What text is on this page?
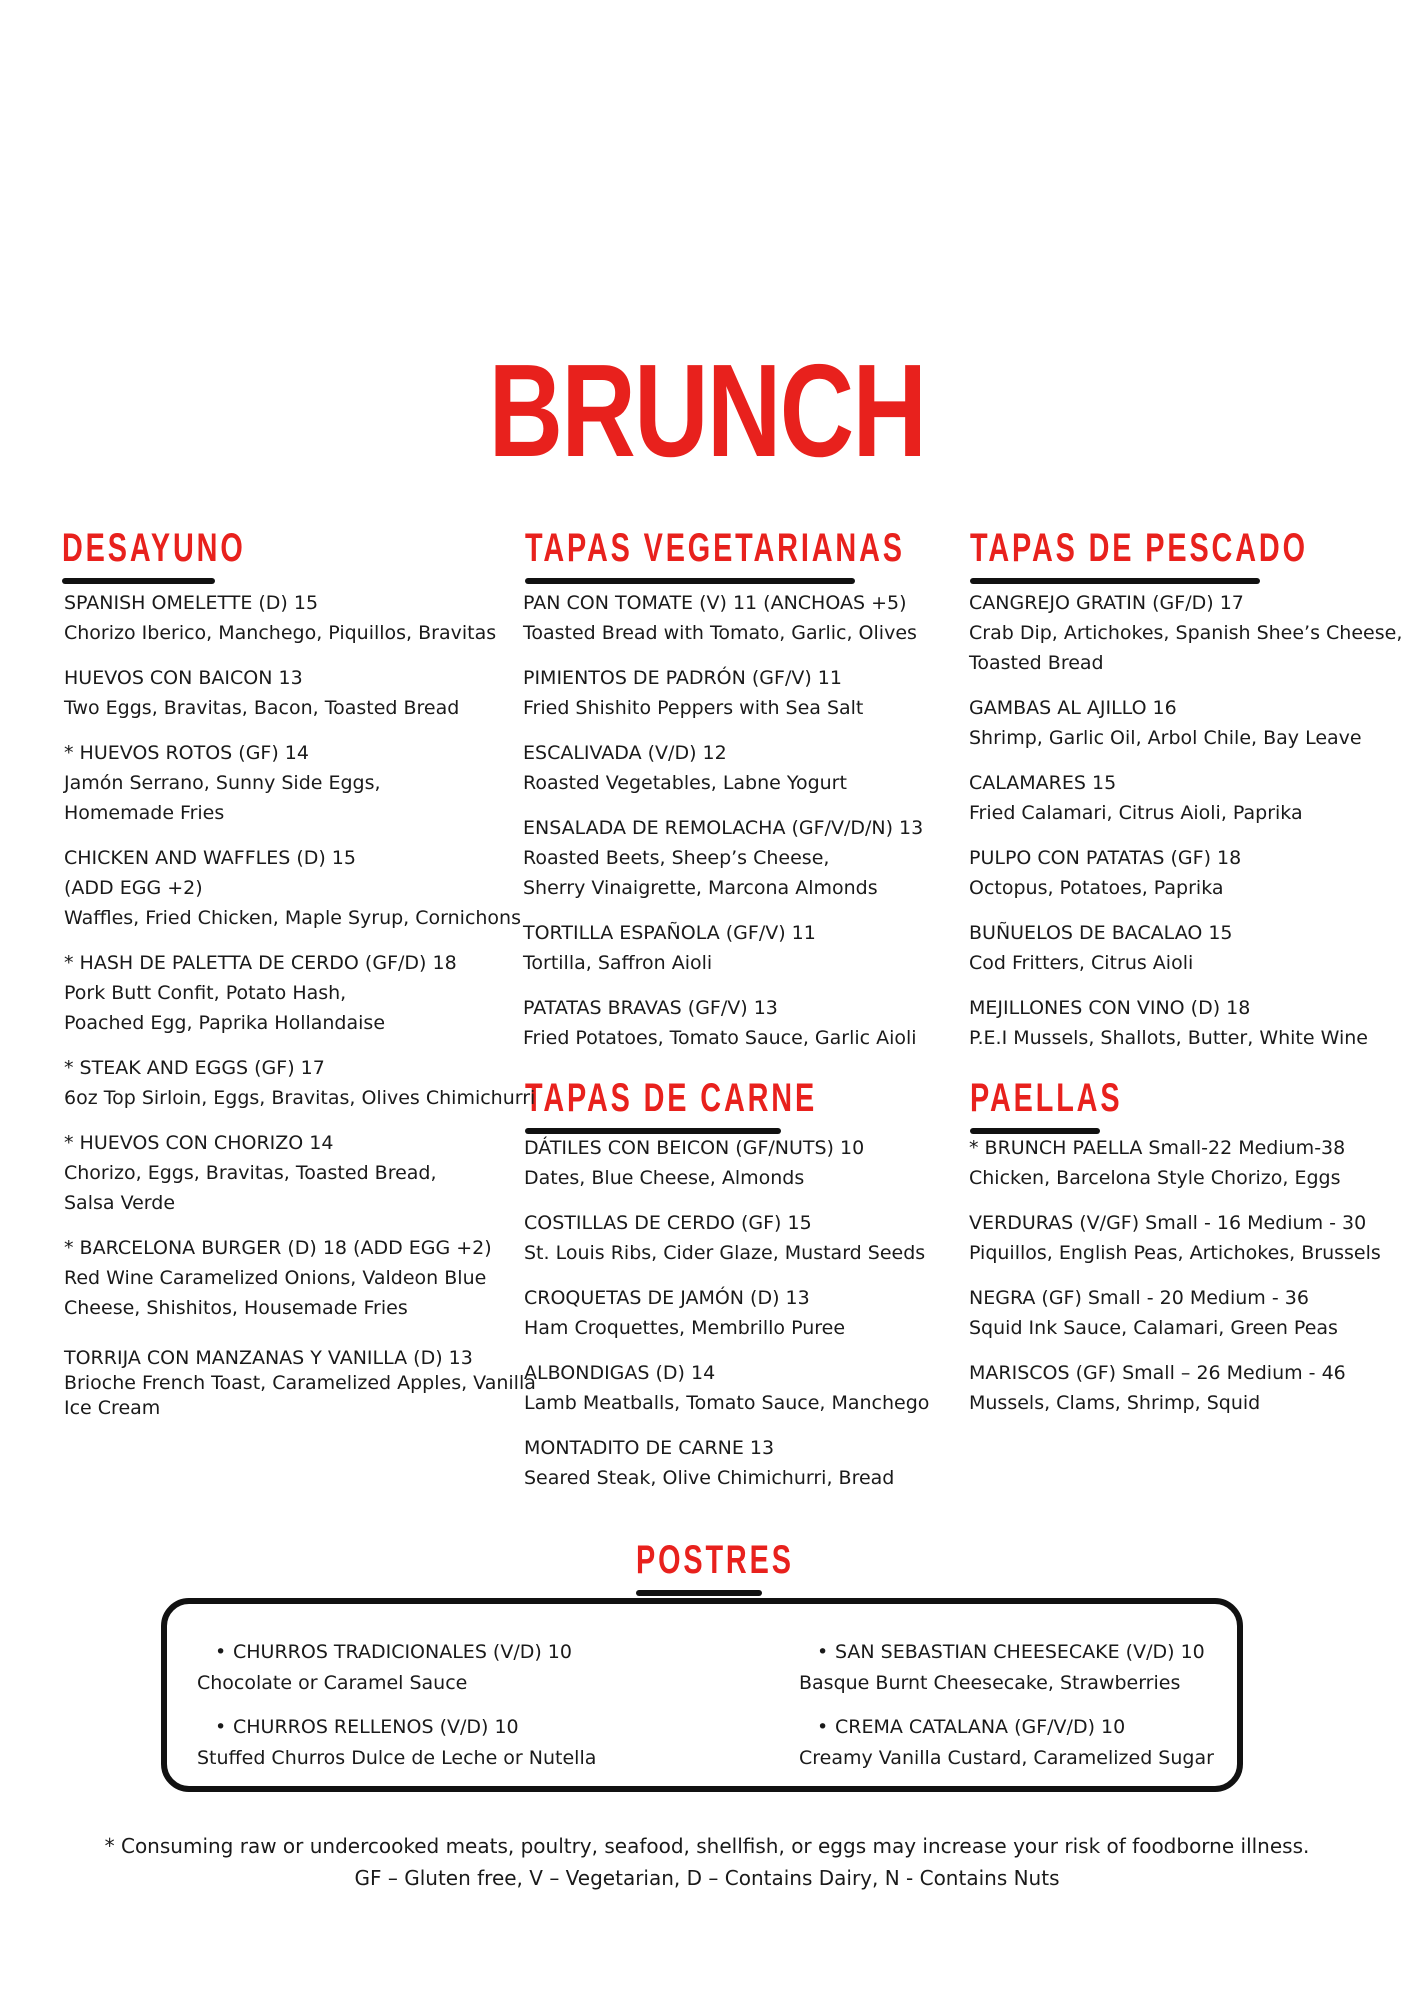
BRUNCH
DESAYUNO	TAPAS VEGETARIANAS TAPAS DE PESCADO
TAPAS DE CARNE	PAELLAS
POSTRES
SPANISH OMELETTE (D) 15
Chorizo Iberico, Manchego, Piquillos, Bravitas
HUEVOS CON BAICON 13
Two Eggs, Bravitas, Bacon, Toasted Bread
* HUEVOS ROTOS (GF) 14
Jamón Serrano, Sunny Side Eggs,
Homemade Fries
CHICKEN AND WAFFLES (D) 15
(ADD EGG +2)
Waffles, Fried Chicken, Maple Syrup, Cornichons
* HASH DE PALETTA DE CERDO (GF/D) 18
Pork Butt Confit, Potato Hash,
Poached Egg, Paprika Hollandaise
* STEAK AND EGGS (GF) 17
6oz Top Sirloin, Eggs, Bravitas, Olives Chimichurri
* HUEVOS CON CHORIZO 14
Chorizo, Eggs, Bravitas, Toasted Bread,
Salsa Verde
* BARCELONA BURGER (D) 18 (ADD EGG +2)
Red Wine Caramelized Onions, Valdeon Blue
Cheese, Shishitos, Housemade Fries
TORRIJA CON MANZANAS Y VANILLA (D) 13
Brioche French Toast, Caramelized Apples, Vanilla
Ice Cream
PAN CON TOMATE (V) 11 (ANCHOAS +5)
Toasted Bread with Tomato, Garlic, Olives
PIMIENTOS DE PADRÓN (GF/V) 11
Fried Shishito Peppers with Sea Salt
ESCALIVADA (V/D) 12
Roasted Vegetables, Labne Yogurt
ENSALADA DE REMOLACHA (GF/V/D/N) 13
Roasted Beets, Sheep’s Cheese,
Sherry Vinaigrette, Marcona Almonds
TORTILLA ESPAÑOLA (GF/V) 11
Tortilla, Saffron Aioli
PATATAS BRAVAS (GF/V) 13
Fried Potatoes, Tomato Sauce, Garlic Aioli
DÁTILES CON BEICON (GF/NUTS) 10
Dates, Blue Cheese, Almonds
COSTILLAS DE CERDO (GF) 15
St. Louis Ribs, Cider Glaze, Mustard Seeds
CROQUETAS DE JAMÓN (D) 13
Ham Croquettes, Membrillo Puree
ALBONDIGAS (D) 14
Lamb Meatballs, Tomato Sauce, Manchego
MONTADITO DE CARNE 13
Seared Steak, Olive Chimichurri, Bread
CANGREJO GRATIN (GF/D) 17
Crab Dip, Artichokes, Spanish Shee’s Cheese,
Toasted Bread
GAMBAS AL AJILLO 16
Shrimp, Garlic Oil, Arbol Chile, Bay Leave
CALAMARES 15
Fried Calamari, Citrus Aioli, Paprika
PULPO CON PATATAS (GF) 18
Octopus, Potatoes, Paprika
BUÑUELOS DE BACALAO 15
Cod Fritters, Citrus Aioli
MEJILLONES CON VINO (D) 18
P.E.I Mussels, Shallots, Butter, White Wine
* BRUNCH PAELLA Small-22 Medium-38
Chicken, Barcelona Style Chorizo, Eggs
VERDURAS (V/GF) Small - 16 Medium - 30
Piquillos, English Peas, Artichokes, Brussels
NEGRA (GF) Small - 20 Medium - 36
Squid Ink Sauce, Calamari, Green Peas
MARISCOS (GF) Small – 26 Medium - 46
Mussels, Clams, Shrimp, Squid
• CHURROS TRADICIONALES (V/D) 10
Chocolate or Caramel Sauce
• CHURROS RELLENOS (V/D) 10
Stuffed Churros Dulce de Leche or Nutella
• SAN SEBASTIAN CHEESECAKE (V/D) 10
Basque Burnt Cheesecake, Strawberries
• CREMA CATALANA (GF/V/D) 10
Creamy Vanilla Custard, Caramelized Sugar
* Consuming raw or undercooked meats, poultry, seafood, shellfish, or eggs may increase your risk of foodborne illness.
GF – Gluten free, V – Vegetarian, D – Contains Dairy, N - Contains Nuts
